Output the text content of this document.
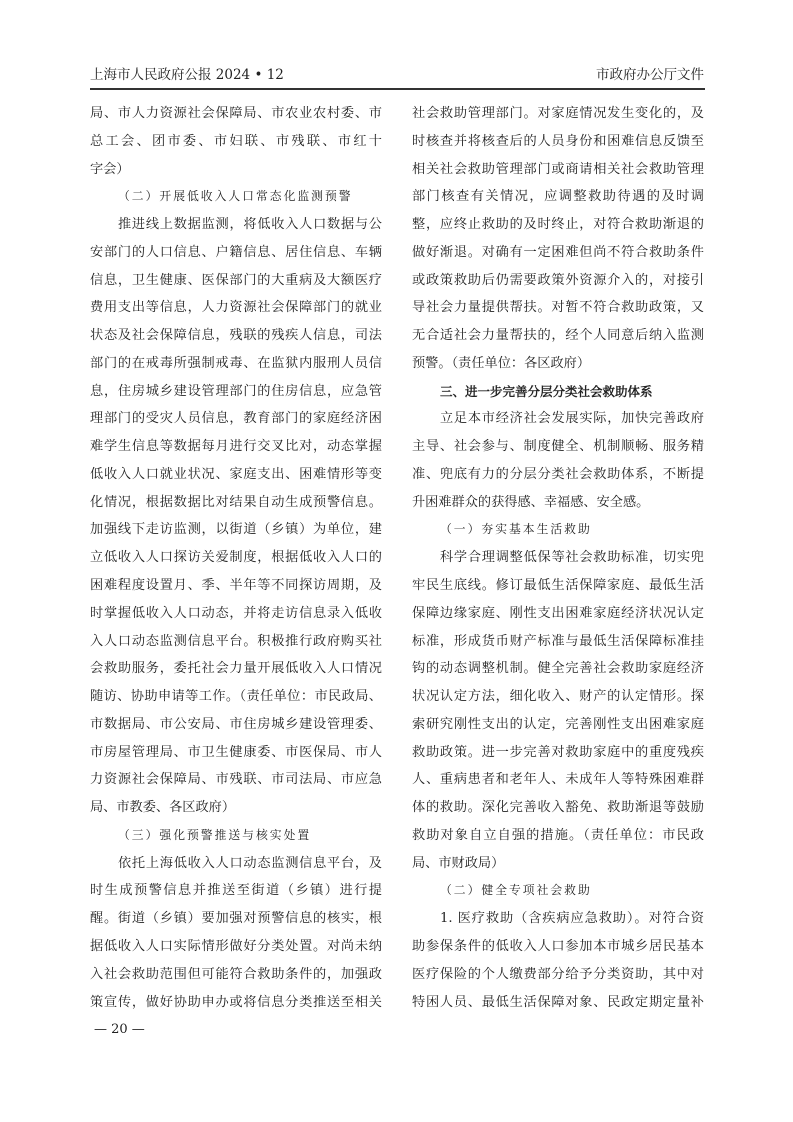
上海市人民政府公报 2024 • 12	市政府办公厅文件
局、市人力资源社会保障局、市农业农村委、市
总工会、团市委、市妇联、市残联、市红十
字会）
（二）开展低收入人口常态化监测预警
推进线上数据监测，将低收入人口数据与公
安部门的人口信息、户籍信息、居住信息、车辆
信息，卫生健康、医保部门的大重病及大额医疗
费用支出等信息，人力资源社会保障部门的就业
状态及社会保障信息，残联的残疾人信息，司法
部门的在戒毒所强制戒毒、在监狱内服刑人员信
息，住房城乡建设管理部门的住房信息，应急管
理部门的受灾人员信息，教育部门的家庭经济困
难学生信息等数据每月进行交叉比对，动态掌握
低收入人口就业状况、家庭支出、困难情形等变
化情况，根据数据比对结果自动生成预警信息。
加强线下走访监测，以街道（乡镇）为单位，建
立低收入人口探访关爱制度，根据低收入人口的
困难程度设置月、季、半年等不同探访周期，及
时掌握低收入人口动态，并将走访信息录入低收
入人口动态监测信息平台。积极推行政府购买社
会救助服务，委托社会力量开展低收入人口情况
随访、协助申请等工作。（责任单位：市民政局、
市数据局、市公安局、市住房城乡建设管理委、
市房屋管理局、市卫生健康委、市医保局、市人
力资源社会保障局、市残联、市司法局、市应急
局、市教委、各区政府）
（三）强化预警推送与核实处置
依托上海低收入人口动态监测信息平台，及
时生成预警信息并推送至街道（乡镇）进行提
醒。街道（乡镇）要加强对预警信息的核实，根
据低收入人口实际情形做好分类处置。对尚未纳
入社会救助范围但可能符合救助条件的，加强政
策宣传，做好协助申办或将信息分类推送至相关
社会救助管理部门。对家庭情况发生变化的，及
时核查并将核查后的人员身份和困难信息反馈至
相关社会救助管理部门或商请相关社会救助管理
部门核查有关情况，应调整救助待遇的及时调
整，应终止救助的及时终止，对符合救助渐退的
做好渐退。对确有一定困难但尚不符合救助条件
或政策救助后仍需要政策外资源介入的，对接引
导社会力量提供帮扶。对暂不符合救助政策，又
无合适社会力量帮扶的，经个人同意后纳入监测
预警。（责任单位：各区政府）
三、进一步完善分层分类社会救助体系
立足本市经济社会发展实际，加快完善政府
主导、社会参与、制度健全、机制顺畅、服务精
准、兜底有力的分层分类社会救助体系，不断提
升困难群众的获得感、幸福感、安全感。
（一）夯实基本生活救助
科学合理调整低保等社会救助标准，切实兜
牢民生底线。修订最低生活保障家庭、最低生活
保障边缘家庭、刚性支出困难家庭经济状况认定
标准，形成货币财产标准与最低生活保障标准挂
钩的动态调整机制。健全完善社会救助家庭经济
状况认定方法，细化收入、财产的认定情形。探
索研究刚性支出的认定，完善刚性支出困难家庭
救助政策。进一步完善对救助家庭中的重度残疾
人、重病患者和老年人、未成年人等特殊困难群
体的救助。深化完善收入豁免、救助渐退等鼓励
救助对象自立自强的措施。（责任单位：市民政
局、市财政局）
（二）健全专项社会救助
1. 医疗救助（含疾病应急救助）。对符合资
助参保条件的低收入人口参加本市城乡居民基本
医疗保险的个人缴费部分给予分类资助，其中对
特困人员、最低生活保障对象、民政定期定量补
— 20 —
